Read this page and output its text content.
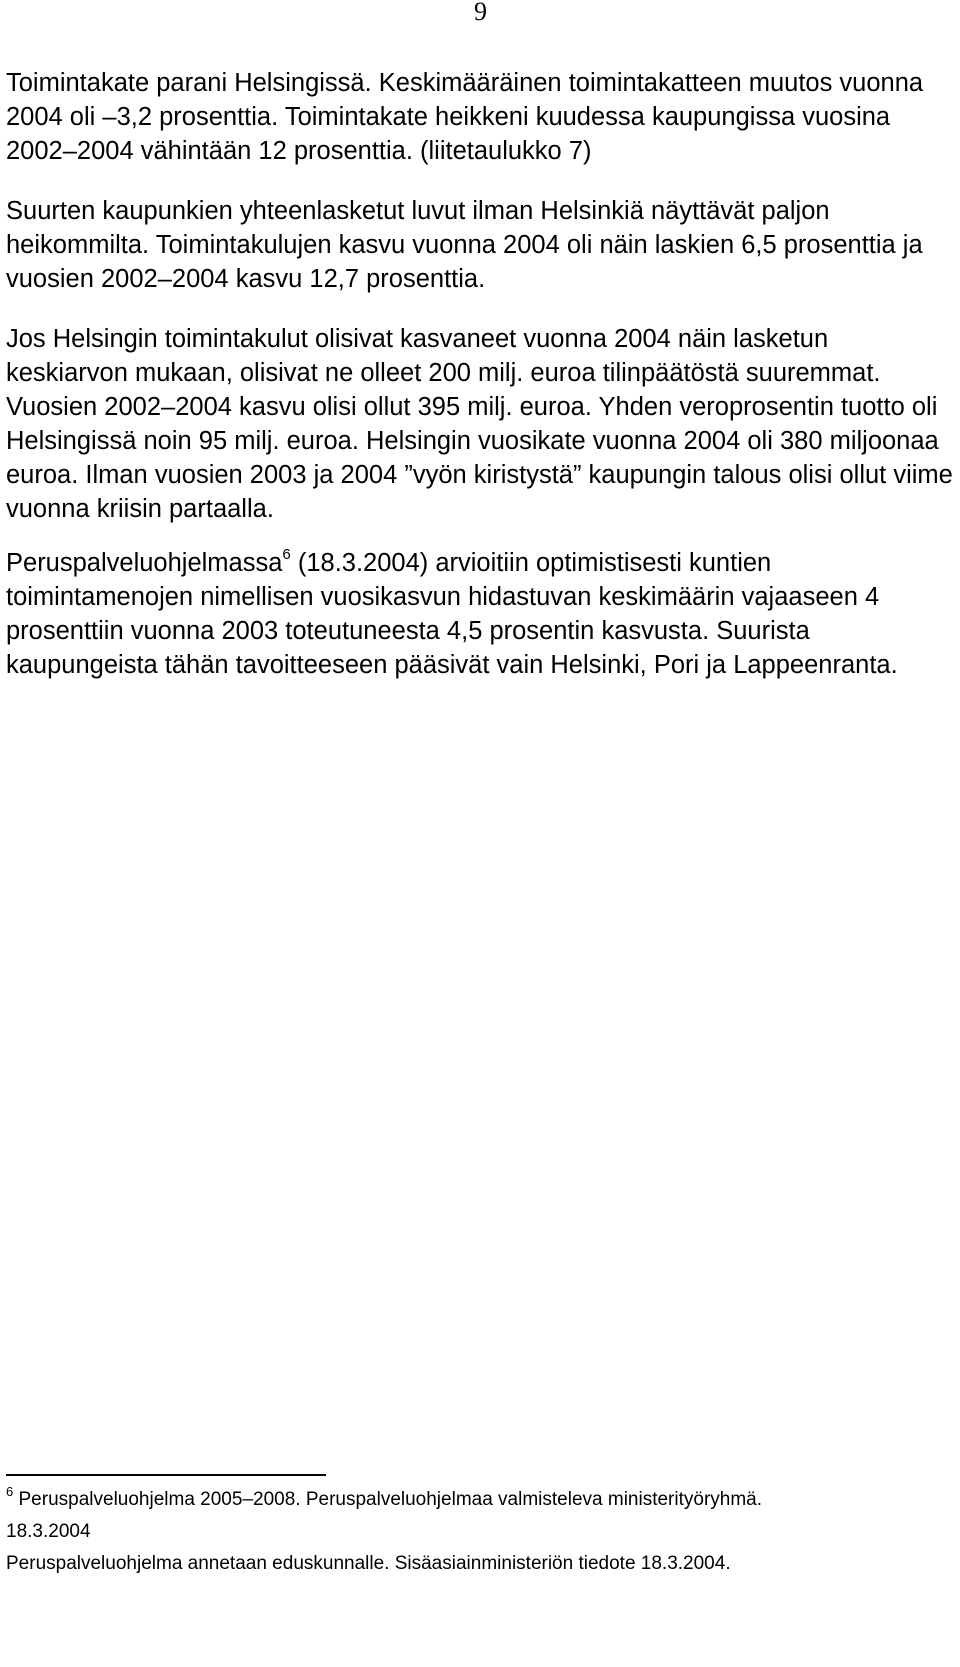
9

Toimintakate parani Helsingissä. Keskimääräinen toimintakatteen muutos vuonna 2004 oli –3,2 prosenttia. Toimintakate heikkeni kuudessa kaupungissa vuosina 2002–2004 vähintään 12 prosenttia. (liitetaulukko 7)

Suurten kaupunkien yhteenlasketut luvut ilman Helsinkiä näyttävät paljon heikommilta. Toimintakulujen kasvu vuonna 2004 oli näin laskien 6,5 prosenttia ja vuosien 2002–2004 kasvu 12,7 prosenttia.

Jos Helsingin toimintakulut olisivat kasvaneet vuonna 2004 näin lasketun keskiarvon mukaan, olisivat ne olleet 200 milj. euroa tilinpäätöstä suuremmat. Vuosien 2002–2004 kasvu olisi ollut 395 milj. euroa. Yhden veroprosentin tuotto oli Helsingissä noin 95 milj. euroa. Helsingin vuosikate vuonna 2004 oli 380 miljoonaa euroa. Ilman vuosien 2003 ja 2004 ”vyön kiristystä” kaupungin talous olisi ollut viime vuonna kriisin partaalla.

Peruspalveluohjelmassa$^6$ (18.3.2004) arvioitiin optimistisesti kuntien toimintamenojen nimellisen vuosikasvun hidastuvan keskimäärin vajaaseen 4 prosenttiin vuonna 2003 toteutuneesta 4,5 prosentin kasvusta. Suurista kaupungeista tähän tavoitteeseen pääsivät vain Helsinki, Pori ja Lappeenranta.

$^6$ Peruspalveluohjelma 2005–2008. Peruspalveluohjelmaa valmisteleva ministerityöryhmä.

18.3.2004

Peruspalveluohjelma annetaan eduskunnalle. Sisäasiainministeriön tiedote 18.3.2004.
